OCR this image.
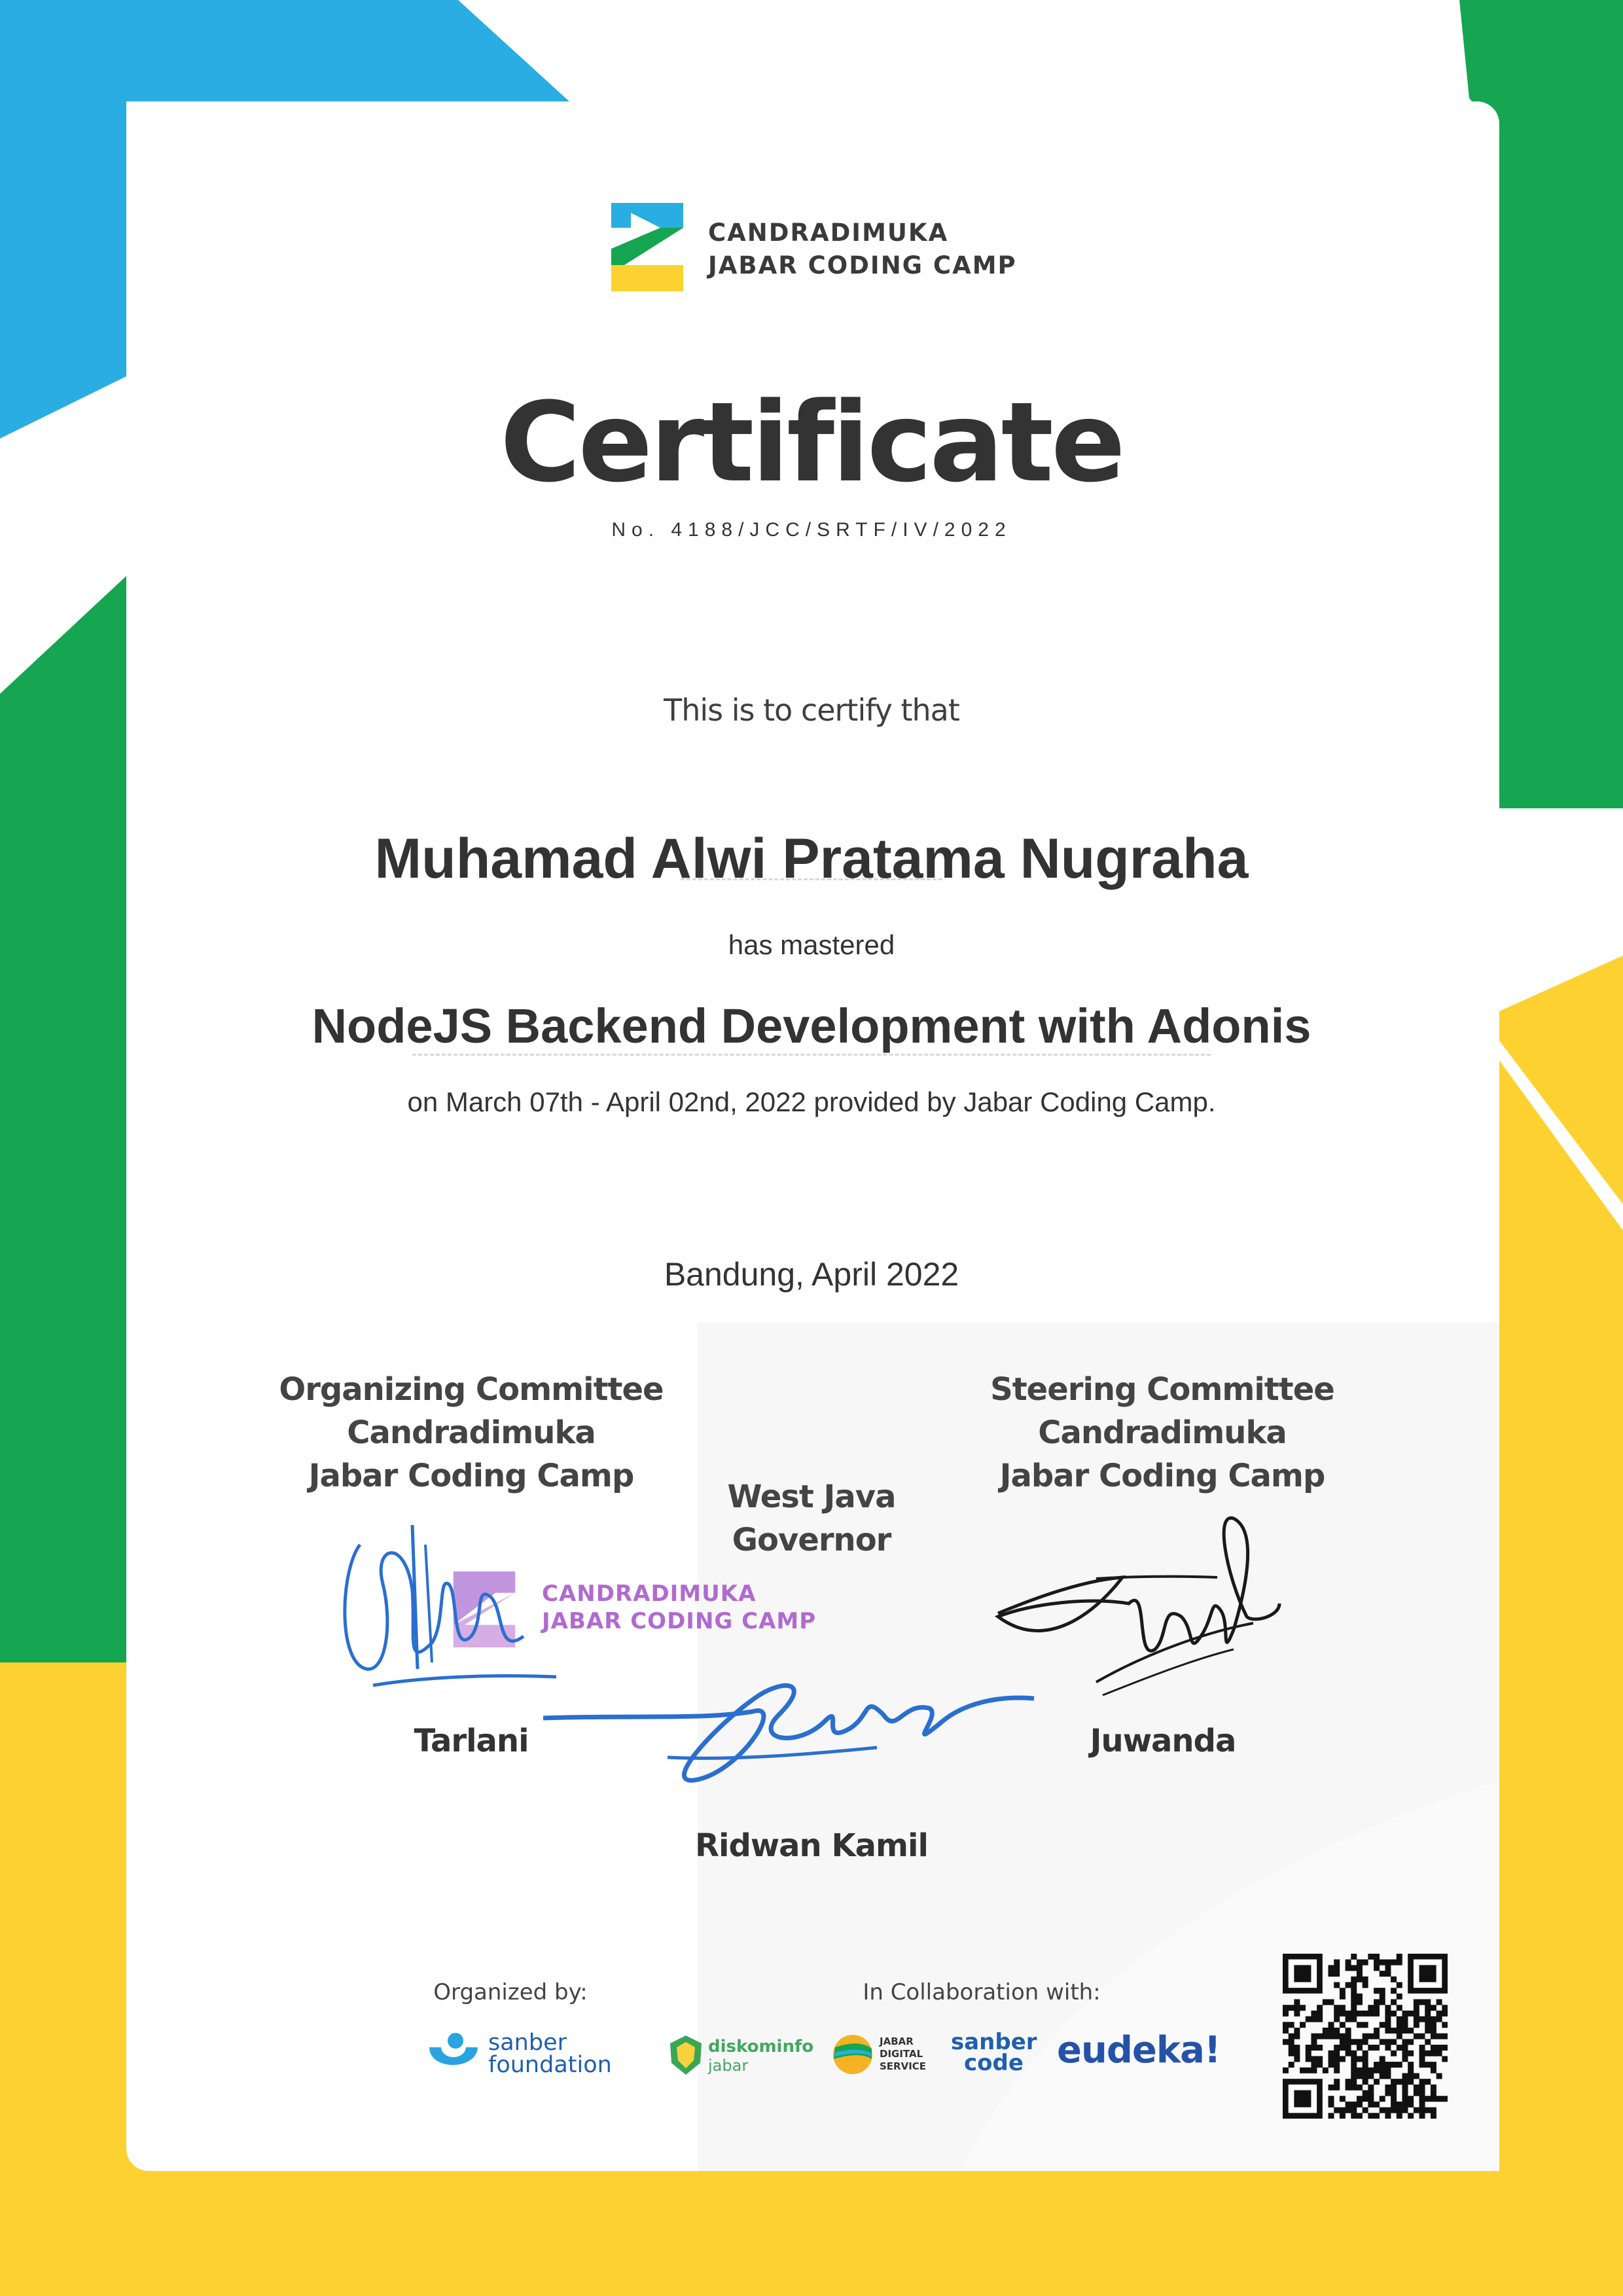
CANDRADIMUKA
JABAR CODING CAMP
Certificate
No. 4188/JCC/SRTF/IV/2022
This is to certify that
Muhamad Alwi Pratama Nugraha
has mastered
NodeJS Backend Development with Adonis
on March 07th - April 02nd, 2022 provided by Jabar Coding Camp.
Bandung, April 2022
Organizing Committee
Candradimuka
Jabar Coding Camp
Steering Committee
Candradimuka
Jabar Coding Camp
West Java
Governor
CANDRADIMUKA
JABAR CODING CAMP
Tarlani	Juwanda
Ridwan Kamil
Organized by:	In Collaboration with:
sanber
foundation
diskominfo
jabar
JABAR
DIGITAL
SERVICE
sanber
code eudeka!
